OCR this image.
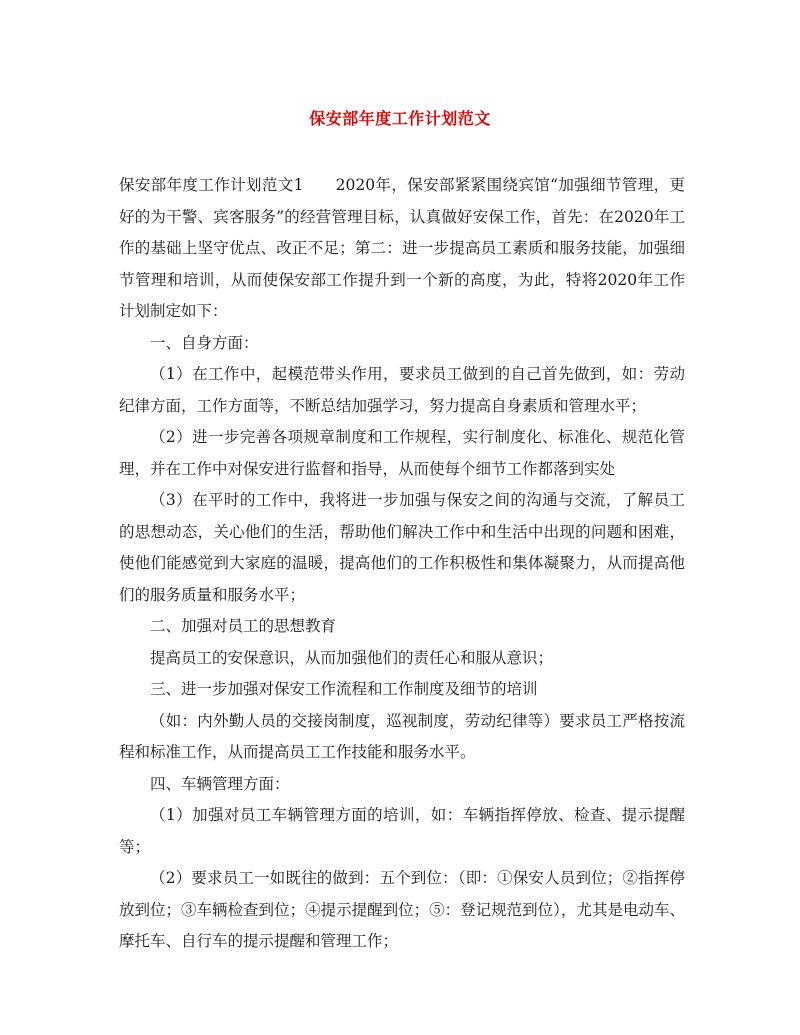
保安部年度工作计划范文

保安部年度工作计划范文1　　2020年，保安部紧紧围绕宾馆“加强细节管理，更好的为干警、宾客服务”的经营管理目标，认真做好安保工作，首先：在2020年工作的基础上坚守优点、改正不足；第二：进一步提高员工素质和服务技能，加强细节管理和培训，从而使保安部工作提升到一个新的高度，为此，特将2020年工作计划制定如下：

一、自身方面：

（1）在工作中，起模范带头作用，要求员工做到的自己首先做到，如：劳动纪律方面，工作方面等，不断总结加强学习，努力提高自身素质和管理水平；

（2）进一步完善各项规章制度和工作规程，实行制度化、标准化、规范化管理，并在工作中对保安进行监督和指导，从而使每个细节工作都落到实处

（3）在平时的工作中，我将进一步加强与保安之间的沟通与交流，了解员工的思想动态，关心他们的生活，帮助他们解决工作中和生活中出现的问题和困难，使他们能感觉到大家庭的温暖，提高他们的工作积极性和集体凝聚力，从而提高他们的服务质量和服务水平；

二、加强对员工的思想教育

提高员工的安保意识，从而加强他们的责任心和服从意识；

三、进一步加强对保安工作流程和工作制度及细节的培训

（如：内外勤人员的交接岗制度，巡视制度，劳动纪律等）要求员工严格按流程和标准工作，从而提高员工工作技能和服务水平。

四、车辆管理方面：

（1）加强对员工车辆管理方面的培训，如：车辆指挥停放、检查、提示提醒等；

（2）要求员工一如既往的做到：五个到位：（即：①保安人员到位；②指挥停放到位；③车辆检查到位；④提示提醒到位；⑤：登记规范到位），尤其是电动车、摩托车、自行车的提示提醒和管理工作；
